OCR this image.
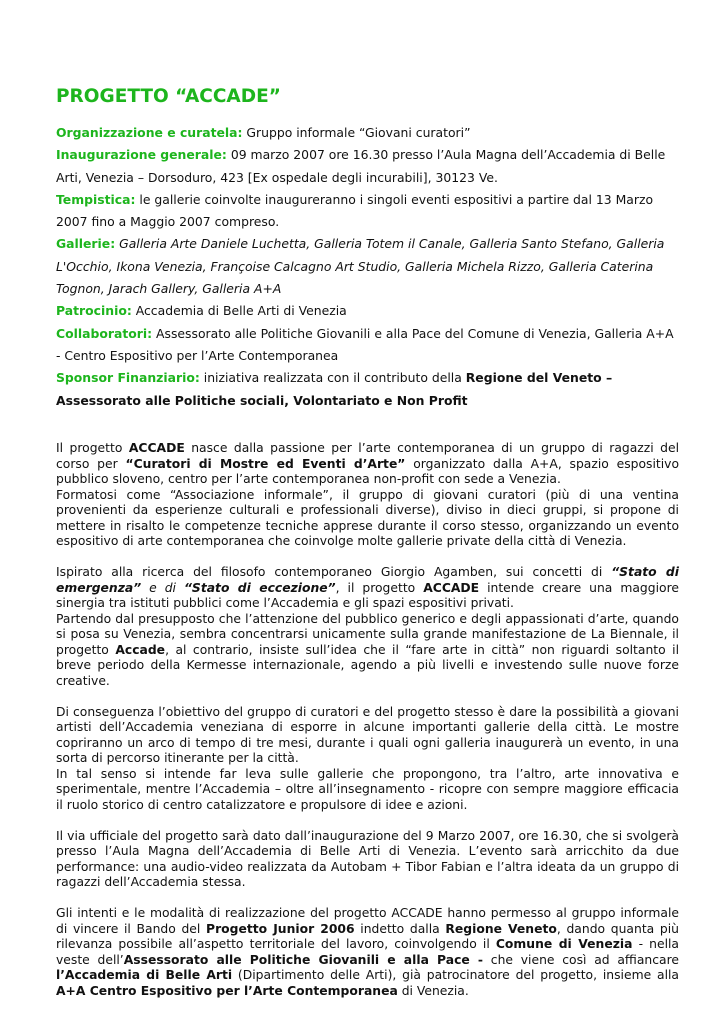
PROGETTO “ACCADE”

Organizzazione e curatela: Gruppo informale “Giovani curatori”

Inaugurazione generale: 09 marzo 2007 ore 16.30 presso l’Aula Magna dell’Accademia di Belle Arti, Venezia – Dorsoduro, 423 [Ex ospedale degli incurabili], 30123 Ve.

Tempistica: le gallerie coinvolte inaugureranno i singoli eventi espositivi a partire dal 13 Marzo 2007 fino a Maggio 2007 compreso.

Gallerie: Galleria Arte Daniele Luchetta, Galleria Totem il Canale, Galleria Santo Stefano, Galleria L'Occhio, Ikona Venezia, Françoise Calcagno Art Studio, Galleria Michela Rizzo, Galleria Caterina Tognon, Jarach Gallery, Galleria A+A

Patrocinio: Accademia di Belle Arti di Venezia

Collaboratori: Assessorato alle Politiche Giovanili e alla Pace del Comune di Venezia, Galleria A+A - Centro Espositivo per l’Arte Contemporanea

Sponsor Finanziario: iniziativa realizzata con il contributo della Regione del Veneto – Assessorato alle Politiche sociali, Volontariato e Non Profit

Il progetto ACCADE nasce dalla passione per l’arte contemporanea di un gruppo di ragazzi del corso per “Curatori di Mostre ed Eventi d’Arte” organizzato dalla A+A, spazio espositivo pubblico sloveno, centro per l’arte contemporanea non-profit con sede a Venezia.

Formatosi come “Associazione informale”, il gruppo di giovani curatori (più di una ventina provenienti da esperienze culturali e professionali diverse), diviso in dieci gruppi, si propone di mettere in risalto le competenze tecniche apprese durante il corso stesso, organizzando un evento espositivo di arte contemporanea che coinvolge molte gallerie private della città di Venezia.

Ispirato alla ricerca del filosofo contemporaneo Giorgio Agamben, sui concetti di “Stato di emergenza” e di “Stato di eccezione”, il progetto ACCADE intende creare una maggiore sinergia tra istituti pubblici come l’Accademia e gli spazi espositivi privati.

Partendo dal presupposto che l’attenzione del pubblico generico e degli appassionati d’arte, quando si posa su Venezia, sembra concentrarsi unicamente sulla grande manifestazione de La Biennale, il progetto Accade, al contrario, insiste sull’idea che il “fare arte in città” non riguardi soltanto il breve periodo della Kermesse internazionale, agendo a più livelli e investendo sulle nuove forze creative.

Di conseguenza l’obiettivo del gruppo di curatori e del progetto stesso è dare la possibilità a giovani artisti dell’Accademia veneziana di esporre in alcune importanti gallerie della città. Le mostre copriranno un arco di tempo di tre mesi, durante i quali ogni galleria inaugurerà un evento, in una sorta di percorso itinerante per la città.

In tal senso si intende far leva sulle gallerie che propongono, tra l’altro, arte innovativa e sperimentale, mentre l’Accademia – oltre all’insegnamento - ricopre con sempre maggiore efficacia il ruolo storico di centro catalizzatore e propulsore di idee e azioni.

Il via ufficiale del progetto sarà dato dall’inaugurazione del 9 Marzo 2007, ore 16.30, che si svolgerà presso l’Aula Magna dell’Accademia di Belle Arti di Venezia. L’evento sarà arricchito da due performance: una audio-video realizzata da Autobam + Tibor Fabian e l’altra ideata da un gruppo di ragazzi dell’Accademia stessa.

Gli intenti e le modalità di realizzazione del progetto ACCADE hanno permesso al gruppo informale di vincere il Bando del Progetto Junior 2006 indetto dalla Regione Veneto, dando quanta più rilevanza possibile all’aspetto territoriale del lavoro, coinvolgendo il Comune di Venezia - nella veste dell’Assessorato alle Politiche Giovanili e alla Pace - che viene così ad affiancare l’Accademia di Belle Arti (Dipartimento delle Arti), già patrocinatore del progetto, insieme alla A+A Centro Espositivo per l’Arte Contemporanea di Venezia.
